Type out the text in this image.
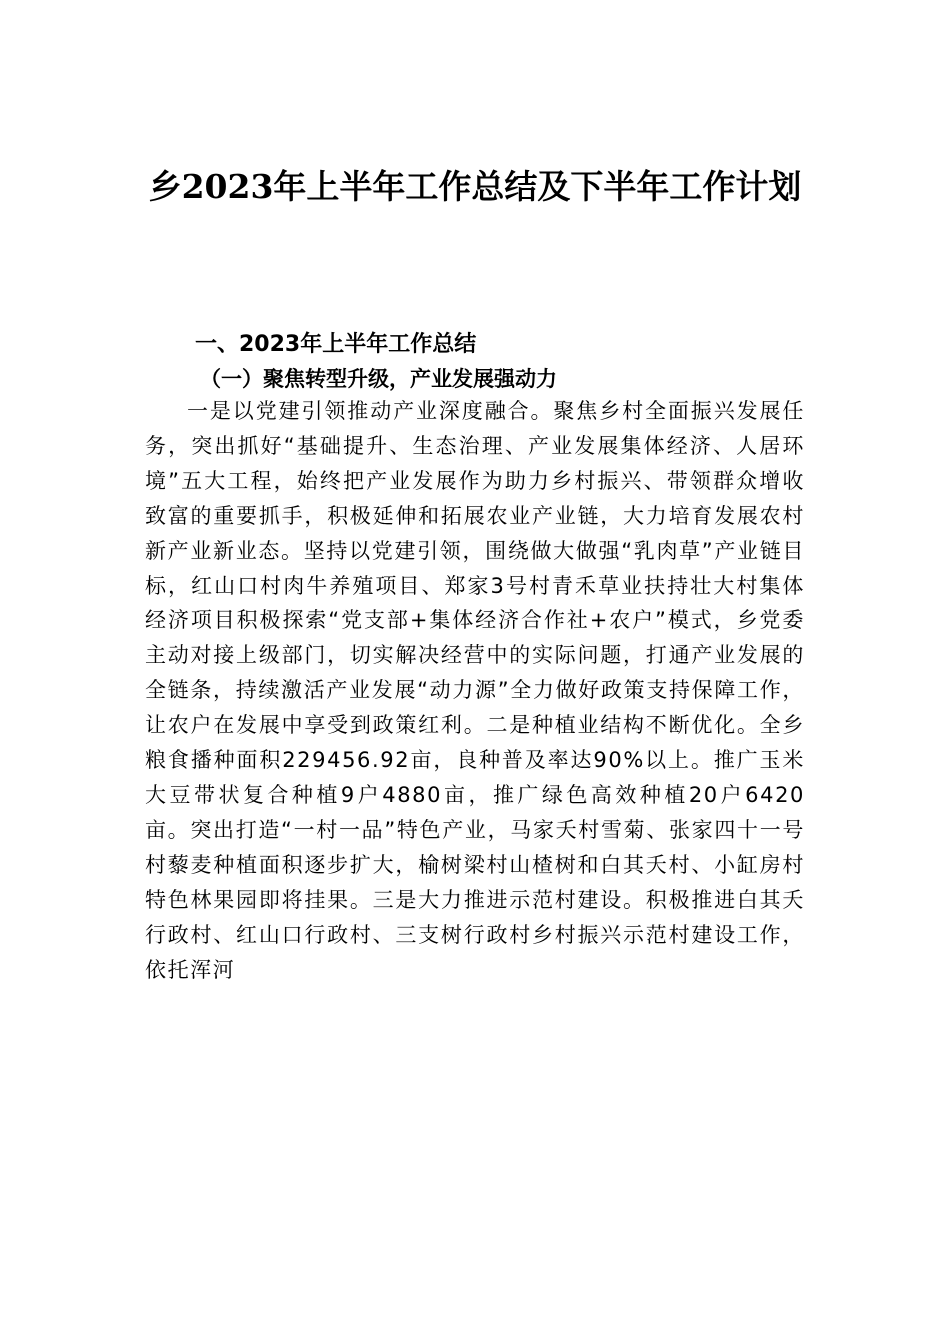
乡2023年上半年工作总结及下半年工作计划
一、2023年上半年工作总结
（一）聚焦转型升级，产业发展强动力

一是以党建引领推动产业深度融合。聚焦乡村全面振兴发展任务，突出抓好“基础提升、生态治理、产业发展集体经济、人居环境”五大工程，始终把产业发展作为助力乡村振兴、带领群众增收致富的重要抓手，积极延伸和拓展农业产业链，大力培育发展农村新产业新业态。坚持以党建引领，围绕做大做强“乳肉草”产业链目标，红山口村肉牛养殖项目、郑家3号村青禾草业扶持壮大村集体经济项目积极探索“党支部+集体经济合作社+农户”模式，乡党委主动对接上级部门，切实解决经营中的实际问题，打通产业发展的全链条，持续激活产业发展“动力源”全力做好政策支持保障工作，让农户在发展中享受到政策红利。二是种植业结构不断优化。全乡粮食播种面积229456.92亩，良种普及率达90%以上。推广玉米大豆带状复合种植9户4880亩，推广绿色高效种植20户6420亩。突出打造“一村一品”特色产业，马家夭村雪菊、张家四十一号村藜麦种植面积逐步扩大，榆树梁村山楂树和白其夭村、小缸房村特色林果园即将挂果。三是大力推进示范村建设。积极推进白其夭行政村、红山口行政村、三支树行政村乡村振兴示范村建设工作，依托浑河
